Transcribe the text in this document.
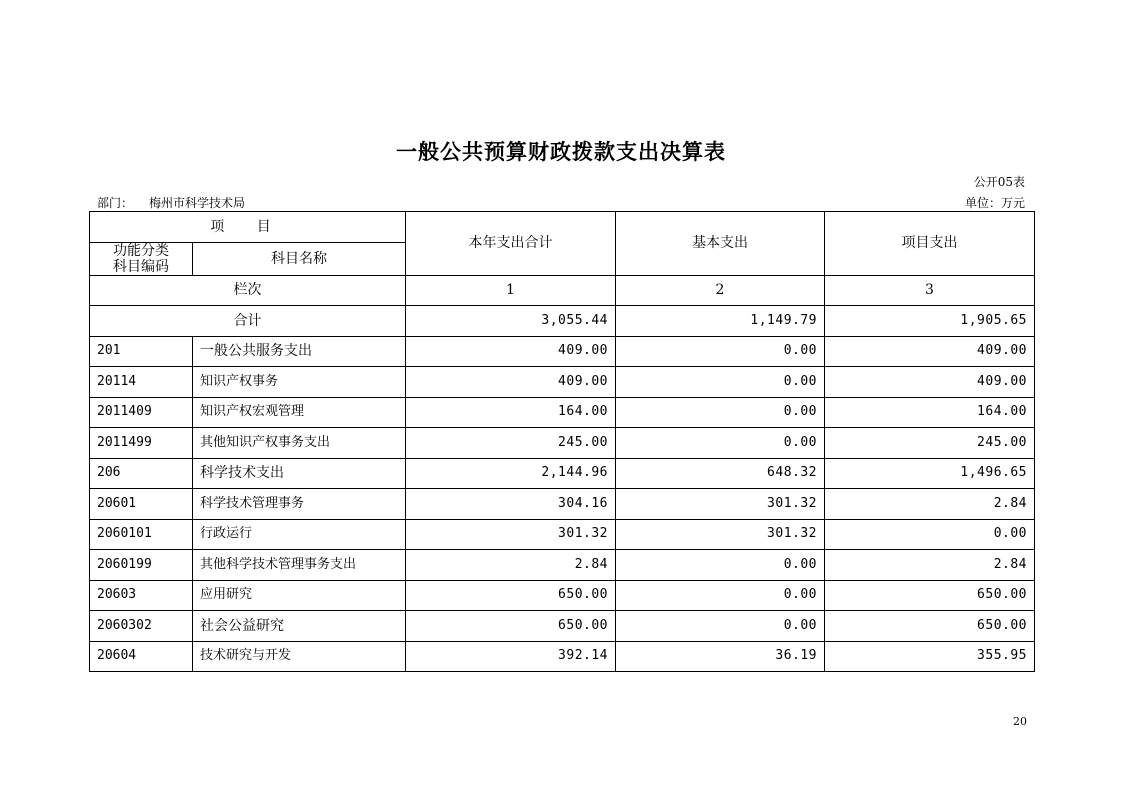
一般公共预算财政拨款支出决算表
公开05表
部门： 梅州市科学技术局	单位：万元
项 目		本年支出合计	基本支出	项目支出
功能分类
科目编码	科目名称			
栏次		1	2	3
合计		3,055.44	1,149.79	1,905.65
201	一般公共服务支出	409.00	0.00	409.00
20114	知识产权事务	409.00	0.00	409.00
2011409	知识产权宏观管理	164.00	0.00	164.00
2011499	其他知识产权事务支出	245.00	0.00	245.00
206	科学技术支出	2,144.96	648.32	1,496.65
20601	科学技术管理事务	304.16	301.32	2.84
2060101	行政运行	301.32	301.32	0.00
2060199	其他科学技术管理事务支出	2.84	0.00	2.84
20603	应用研究	650.00	0.00	650.00
2060302	社会公益研究	650.00	0.00	650.00
20604	技术研究与开发	392.14	36.19	355.95
20
